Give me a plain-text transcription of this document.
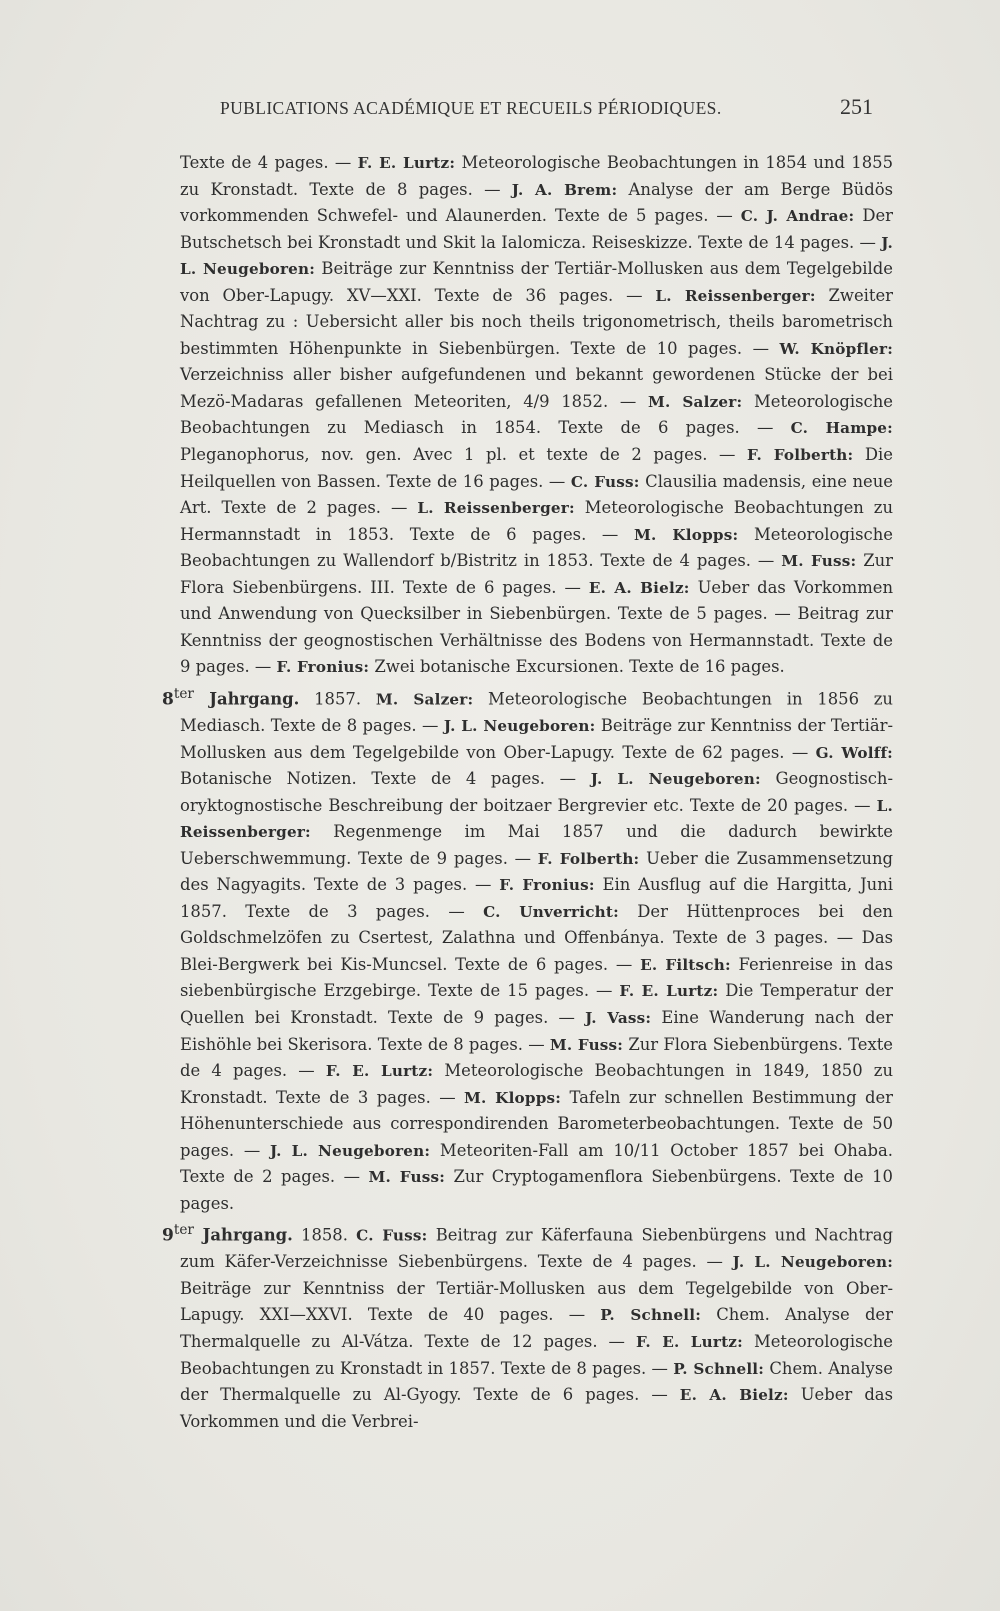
PUBLICATIONS ACADÉMIQUE ET RECUEILS PÉRIODIQUES.	251

Texte de 4 pages. — F. E. Lurtz: Meteorologische Beobachtungen in 1854 und 1855 zu Kronstadt. Texte de 8 pages. — J. A. Brem: Analyse der am Berge Büdös vorkommenden Schwefel- und Alaunerden. Texte de 5 pages. — C. J. Andrae: Der Butschetsch bei Kronstadt und Skit la Ialomicza. Reiseskizze. Texte de 14 pages. — J. L. Neugeboren: Beiträge zur Kenntniss der Tertiär-Mollusken aus dem Tegelgebilde von Ober-Lapugy. XV—XXI. Texte de 36 pages. — L. Reissenberger: Zweiter Nachtrag zu : Uebersicht aller bis noch theils trigonometrisch, theils barometrisch bestimmten Höhenpunkte in Siebenbürgen. Texte de 10 pages. — W. Knöpfler: Verzeichniss aller bisher aufgefundenen und bekannt gewordenen Stücke der bei Mezö-Madaras gefallenen Meteoriten, 4/9 1852. — M. Salzer: Meteorologische Beobachtungen zu Mediasch in 1854. Texte de 6 pages. — C. Hampe: Pleganophorus, nov. gen. Avec 1 pl. et texte de 2 pages. — F. Folberth: Die Heilquellen von Bassen. Texte de 16 pages. — C. Fuss: Clausilia madensis, eine neue Art. Texte de 2 pages. — L. Reissenberger: Meteorologische Beobachtungen zu Hermannstadt in 1853. Texte de 6 pages. — M. Klopps: Meteorologische Beobachtungen zu Wallendorf b/Bistritz in 1853. Texte de 4 pages. — M. Fuss: Zur Flora Siebenbürgens. III. Texte de 6 pages. — E. A. Bielz: Ueber das Vorkommen und Anwendung von Quecksilber in Siebenbürgen. Texte de 5 pages. — Beitrag zur Kenntniss der geognostischen Verhältnisse des Bodens von Hermannstadt. Texte de 9 pages. — F. Fronius: Zwei botanische Excursionen. Texte de 16 pages.

$8^{ter}$ Jahrgang. 1857. M. Salzer: Meteorologische Beobachtungen in 1856 zu Mediasch. Texte de 8 pages. — J. L. Neugeboren: Beiträge zur Kenntniss der Tertiär-Mollusken aus dem Tegelgebilde von Ober-Lapugy. Texte de 62 pages. — G. Wolff: Botanische Notizen. Texte de 4 pages. — J. L. Neugeboren: Geognostisch-oryktognostische Beschreibung der boitzaer Bergrevier etc. Texte de 20 pages. — L. Reissenberger: Regenmenge im Mai 1857 und die dadurch bewirkte Ueberschwemmung. Texte de 9 pages. — F. Folberth: Ueber die Zusammensetzung des Nagyagits. Texte de 3 pages. — F. Fronius: Ein Ausflug auf die Hargitta, Juni 1857. Texte de 3 pages. — C. Unverricht: Der Hüttenproces bei den Goldschmelzöfen zu Csertest, Zalathna und Offenbánya. Texte de 3 pages. — Das Blei-Bergwerk bei Kis-Muncsel. Texte de 6 pages. — E. Filtsch: Ferienreise in das siebenbürgische Erzgebirge. Texte de 15 pages. — F. E. Lurtz: Die Temperatur der Quellen bei Kronstadt. Texte de 9 pages. — J. Vass: Eine Wanderung nach der Eishöhle bei Skerisora. Texte de 8 pages. — M. Fuss: Zur Flora Siebenbürgens. Texte de 4 pages. — F. E. Lurtz: Meteorologische Beobachtungen in 1849, 1850 zu Kronstadt. Texte de 3 pages. — M. Klopps: Tafeln zur schnellen Bestimmung der Höhenunterschiede aus correspondirenden Barometerbeobachtungen. Texte de 50 pages. — J. L. Neugeboren: Meteoriten-Fall am 10/11 October 1857 bei Ohaba. Texte de 2 pages. — M. Fuss: Zur Cryptogamenflora Siebenbürgens. Texte de 10 pages.

$9^{ter}$ Jahrgang. 1858. C. Fuss: Beitrag zur Käferfauna Siebenbürgens und Nachtrag zum Käfer-Verzeichnisse Siebenbürgens. Texte de 4 pages. — J. L. Neugeboren: Beiträge zur Kenntniss der Tertiär-Mollusken aus dem Tegelgebilde von Ober-Lapugy. XXI—XXVI. Texte de 40 pages. — P. Schnell: Chem. Analyse der Thermalquelle zu Al-Vátza. Texte de 12 pages. — F. E. Lurtz: Meteorologische Beobachtungen zu Kronstadt in 1857. Texte de 8 pages. — P. Schnell: Chem. Analyse der Thermalquelle zu Al-Gyogy. Texte de 6 pages. — E. A. Bielz: Ueber das Vorkommen und die Verbrei-
